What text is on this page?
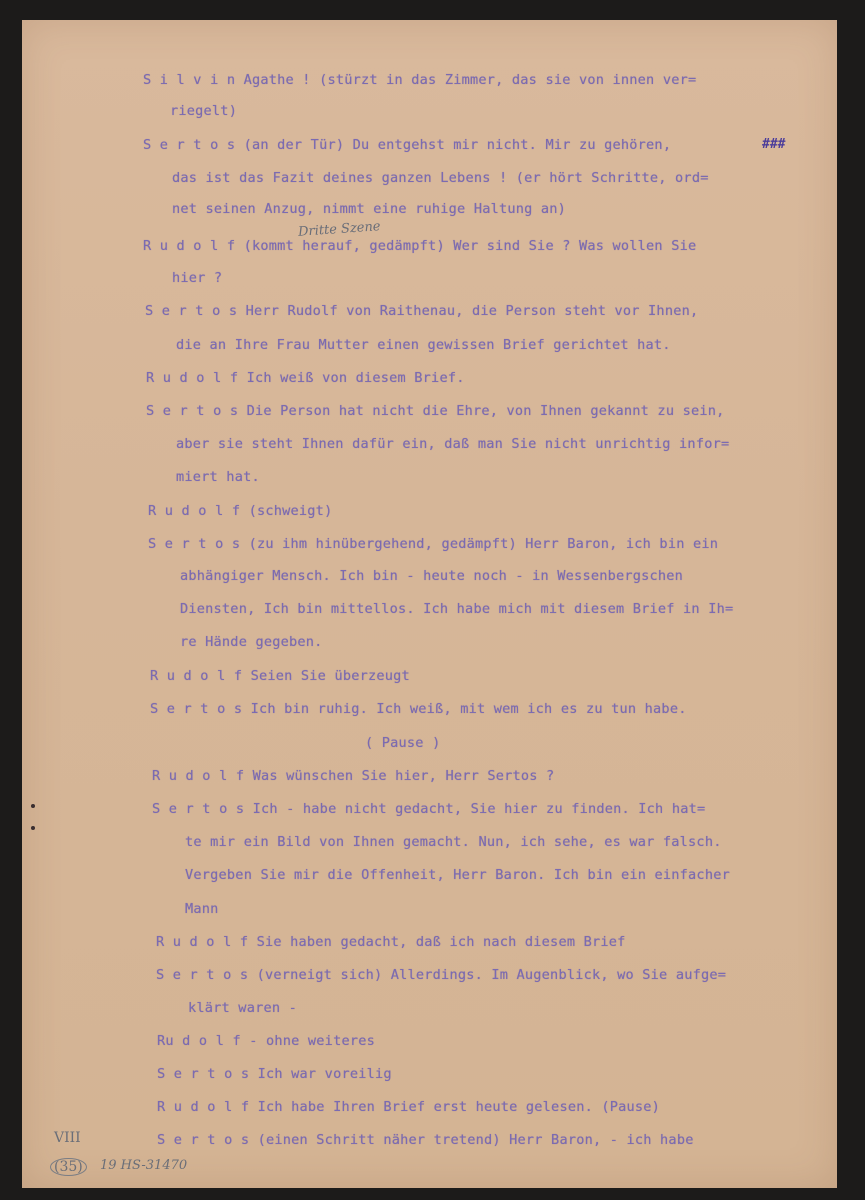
S i l v i n Agathe ! (stürzt in das Zimmer, das sie von innen ver=
riegelt)
S e r t o s (an der Tür) Du entgehst mir nicht. Mir zu gehören,
das ist das Fazit deines ganzen Lebens ! (er hört Schritte, ord=
net seinen Anzug, nimmt eine ruhige Haltung an)
R u d o l f (kommt herauf, gedämpft) Wer sind Sie ? Was wollen Sie
hier ?
S e r t o s Herr Rudolf von Raithenau, die Person steht vor Ihnen,
die an Ihre Frau Mutter einen gewissen Brief gerichtet hat.
R u d o l f Ich weiß von diesem Brief.
S e r t o s Die Person hat nicht die Ehre, von Ihnen gekannt zu sein,
aber sie steht Ihnen dafür ein, daß man Sie nicht unrichtig infor=
miert hat.
R u d o l f (schweigt)
S e r t o s (zu ihm hinübergehend, gedämpft) Herr Baron, ich bin ein
abhängiger Mensch. Ich bin - heute noch - in Wessenbergschen
Diensten, Ich bin mittellos. Ich habe mich mit diesem Brief in Ih=
re Hände gegeben.
R u d o l f Seien Sie überzeugt
S e r t o s Ich bin ruhig. Ich weiß, mit wem ich es zu tun habe.
( Pause )
R u d o l f Was wünschen Sie hier, Herr Sertos ?
S e r t o s Ich - habe nicht gedacht, Sie hier zu finden. Ich hat=
te mir ein Bild von Ihnen gemacht. Nun, ich sehe, es war falsch.
Vergeben Sie mir die Offenheit, Herr Baron. Ich bin ein einfacher
Mann
R u d o l f Sie haben gedacht, daß ich nach diesem Brief
S e r t o s (verneigt sich) Allerdings. Im Augenblick, wo Sie aufge=
klärt waren -
Ru d o l f - ohne weiteres
S e r t o s Ich war voreilig
R u d o l f Ich habe Ihren Brief erst heute gelesen. (Pause)
S e r t o s (einen Schritt näher tretend) Herr Baron, - ich habe
###
Dritte Szene
VIII
(35)	19 HS-31470
